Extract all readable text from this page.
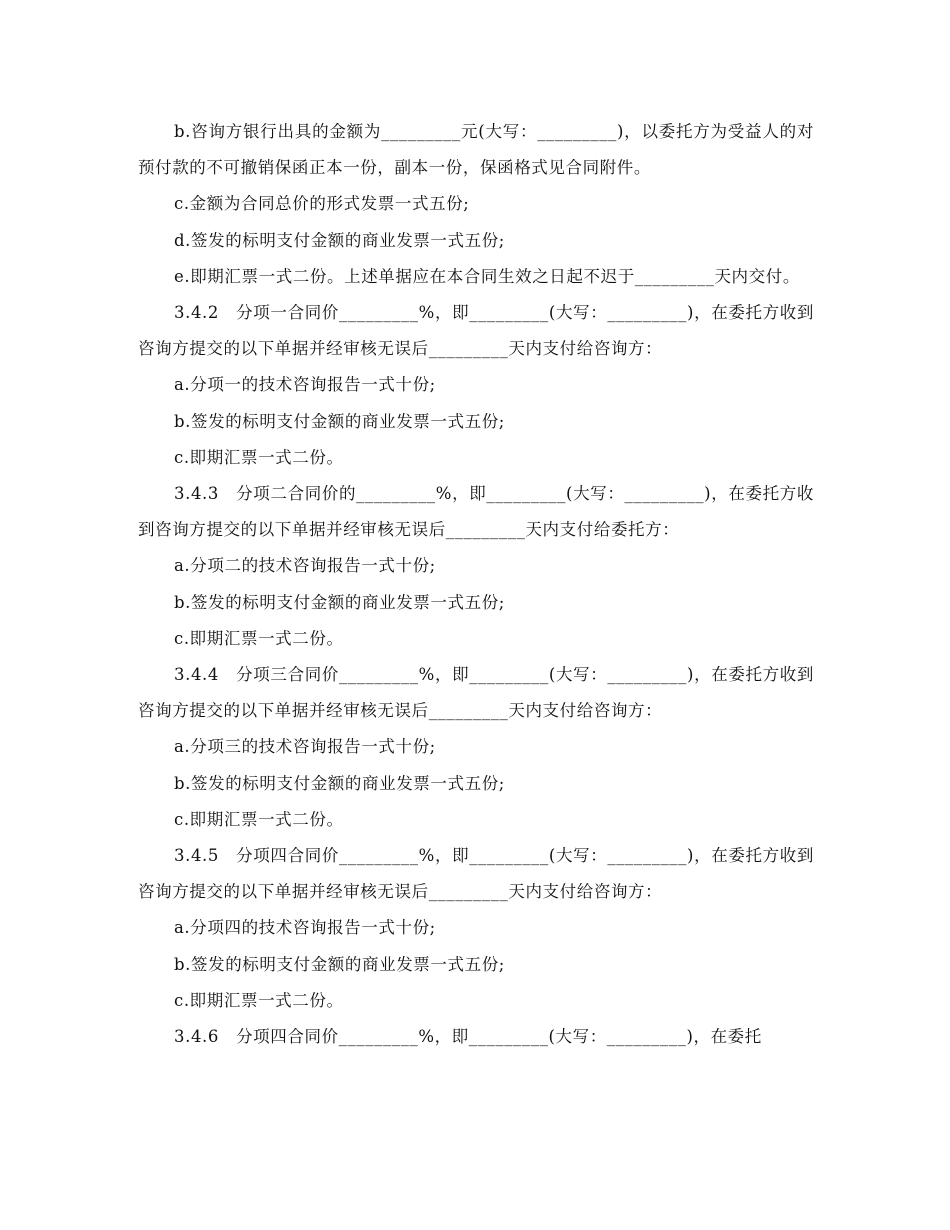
b.咨询方银行出具的金额为_________元(大写：_________)，以委托方为受益人的对预付款的不可撤销保函正本一份，副本一份，保函格式见合同附件。

c.金额为合同总价的形式发票一式五份;

d.签发的标明支付金额的商业发票一式五份;

e.即期汇票一式二份。上述单据应在本合同生效之日起不迟于_________天内交付。

3.4.2　分项一合同价_________%，即_________(大写：_________)，在委托方收到咨询方提交的以下单据并经审核无误后_________天内支付给咨询方：

a.分项一的技术咨询报告一式十份;

b.签发的标明支付金额的商业发票一式五份;

c.即期汇票一式二份。

3.4.3　分项二合同价的_________%，即_________(大写：_________)，在委托方收到咨询方提交的以下单据并经审核无误后_________天内支付给委托方：

a.分项二的技术咨询报告一式十份;

b.签发的标明支付金额的商业发票一式五份;

c.即期汇票一式二份。

3.4.4　分项三合同价_________%，即_________(大写：_________)，在委托方收到咨询方提交的以下单据并经审核无误后_________天内支付给咨询方：

a.分项三的技术咨询报告一式十份;

b.签发的标明支付金额的商业发票一式五份;

c.即期汇票一式二份。

3.4.5　分项四合同价_________%，即_________(大写：_________)，在委托方收到咨询方提交的以下单据并经审核无误后_________天内支付给咨询方：

a.分项四的技术咨询报告一式十份;

b.签发的标明支付金额的商业发票一式五份;

c.即期汇票一式二份。

3.4.6　分项四合同价_________%，即_________(大写：_________)，在委托
